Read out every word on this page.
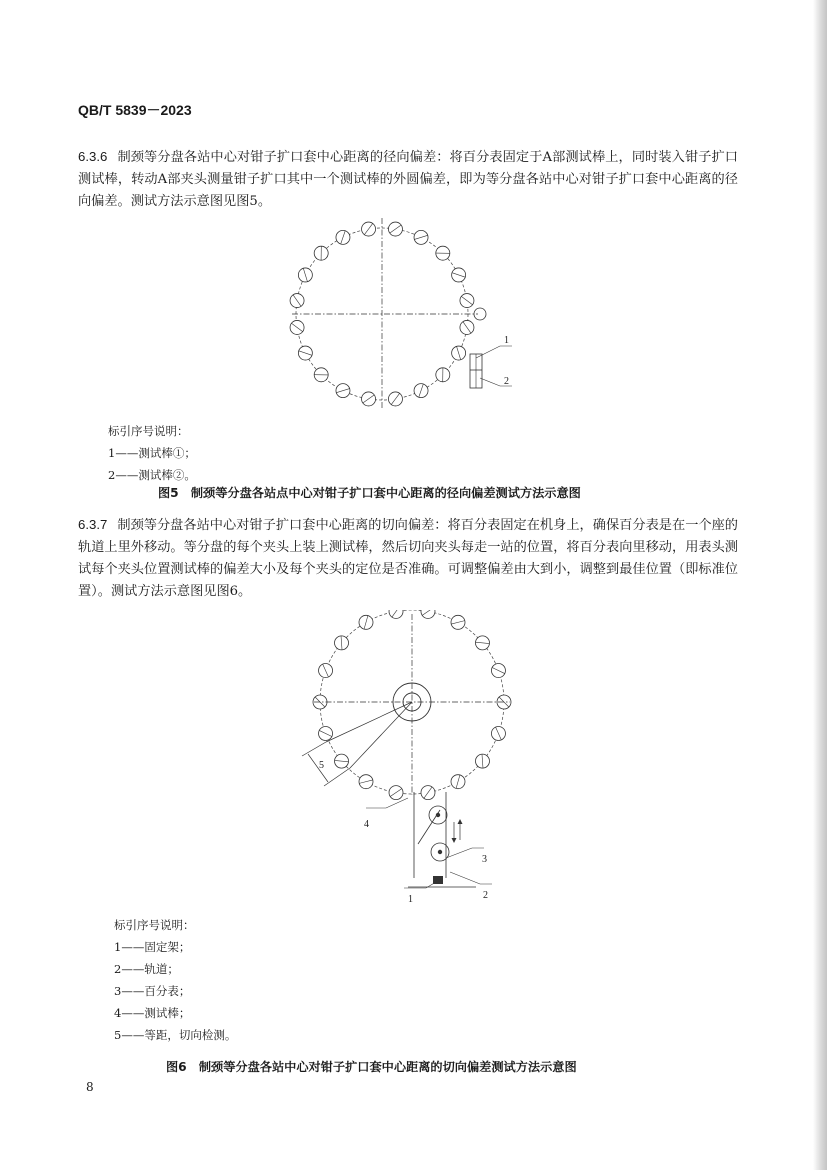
QB/T 5839－2023
6.3.6 制颈等分盘各站中心对钳子扩口套中心距离的径向偏差：将百分表固定于A部测试棒上，同时装入钳子扩口测试棒，转动A部夹头测量钳子扩口其中一个测试棒的外圆偏差，即为等分盘各站中心对钳子扩口套中心距离的径向偏差。测试方法示意图见图5。
1
2
标引序号说明：
1——测试棒①；
2——测试棒②。
图5　制颈等分盘各站点中心对钳子扩口套中心距离的径向偏差测试方法示意图
6.3.7 制颈等分盘各站中心对钳子扩口套中心距离的切向偏差：将百分表固定在机身上，确保百分表是在一个座的轨道上里外移动。等分盘的每个夹头上装上测试棒，然后切向夹头每走一站的位置，将百分表向里移动，用表头测试每个夹头位置测试棒的偏差大小及每个夹头的定位是否准确。可调整偏差由大到小，调整到最佳位置（即标准位置）。测试方法示意图见图6。
5
4
3
1	2
标引序号说明：
1——固定架；
2——轨道；
3——百分表；
4——测试棒；
5——等距，切向检测。
图6　制颈等分盘各站中心对钳子扩口套中心距离的切向偏差测试方法示意图
8
